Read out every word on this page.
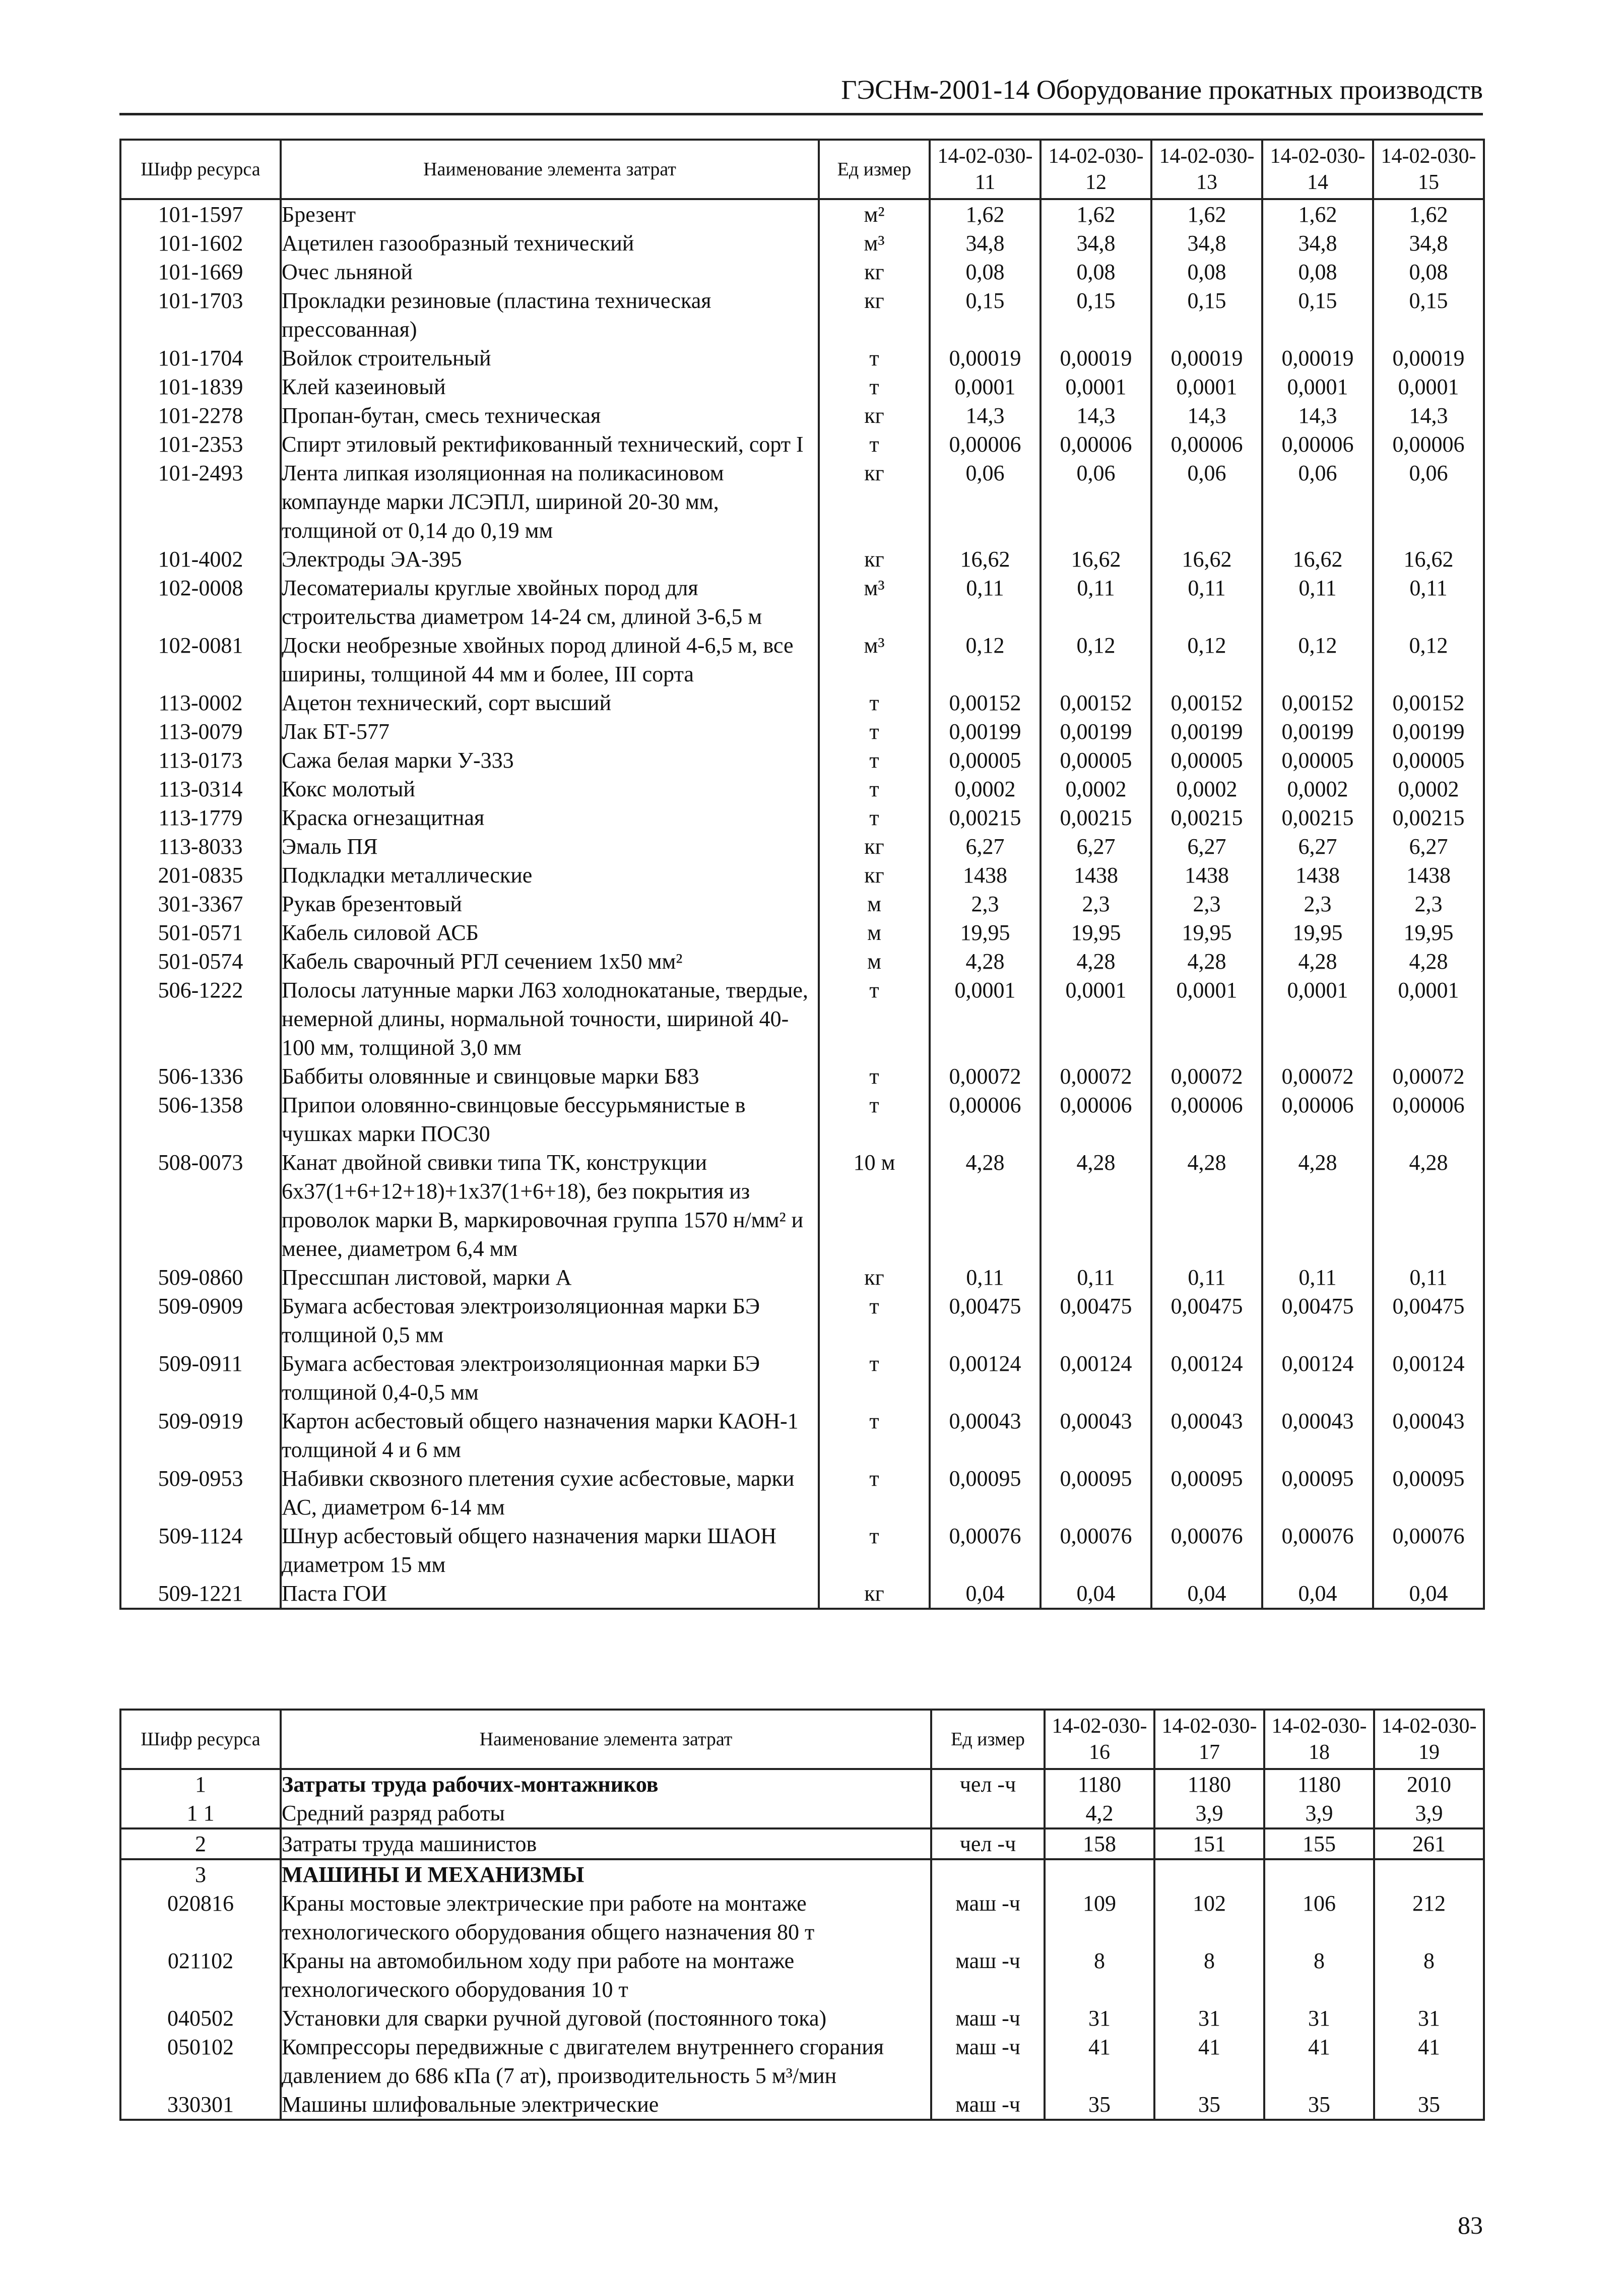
ГЭСНм-2001-14 Оборудование прокатных производств
Шифр ресурса	Наименование элемента затрат	Ед измер	14-02-030-11	14-02-030-12	14-02-030-13	14-02-030-14	14-02-030-15
101-1597	Брезент	м²	1,62	1,62	1,62	1,62	1,62
101-1602	Ацетилен газообразный технический	м³	34,8	34,8	34,8	34,8	34,8
101-1669	Очес льняной	кг	0,08	0,08	0,08	0,08	0,08
101-1703	Прокладки резиновые (пластина техническая прессованная)	кг	0,15	0,15	0,15	0,15	0,15
101-1704	Войлок строительный	т	0,00019	0,00019	0,00019	0,00019	0,00019
101-1839	Клей казеиновый	т	0,0001	0,0001	0,0001	0,0001	0,0001
101-2278	Пропан-бутан, смесь техническая	кг	14,3	14,3	14,3	14,3	14,3
101-2353	Спирт этиловый ректификованный технический, сорт I	т	0,00006	0,00006	0,00006	0,00006	0,00006
101-2493	Лента липкая изоляционная на поликасиновом компаунде марки ЛСЭПЛ, шириной 20-30 мм, толщиной от 0,14 до 0,19 мм	кг	0,06	0,06	0,06	0,06	0,06
101-4002	Электроды ЭА-395	кг	16,62	16,62	16,62	16,62	16,62
102-0008	Лесоматериалы круглые хвойных пород для строительства диаметром 14-24 см, длиной 3-6,5 м	м³	0,11	0,11	0,11	0,11	0,11
102-0081	Доски необрезные хвойных пород длиной 4-6,5 м, все ширины, толщиной 44 мм и более, III сорта	м³	0,12	0,12	0,12	0,12	0,12
113-0002	Ацетон технический, сорт высший	т	0,00152	0,00152	0,00152	0,00152	0,00152
113-0079	Лак БТ-577	т	0,00199	0,00199	0,00199	0,00199	0,00199
113-0173	Сажа белая марки У-333	т	0,00005	0,00005	0,00005	0,00005	0,00005
113-0314	Кокс молотый	т	0,0002	0,0002	0,0002	0,0002	0,0002
113-1779	Краска огнезащитная	т	0,00215	0,00215	0,00215	0,00215	0,00215
113-8033	Эмаль ПЯ	кг	6,27	6,27	6,27	6,27	6,27
201-0835	Подкладки металлические	кг	1438	1438	1438	1438	1438
301-3367	Рукав брезентовый	м	2,3	2,3	2,3	2,3	2,3
501-0571	Кабель силовой АСБ	м	19,95	19,95	19,95	19,95	19,95
501-0574	Кабель сварочный РГЛ сечением 1х50 мм²	м	4,28	4,28	4,28	4,28	4,28
506-1222	Полосы латунные марки Л63 холоднокатаные, твердые, немерной длины, нормальной точности, шириной 40-100 мм, толщиной 3,0 мм	т	0,0001	0,0001	0,0001	0,0001	0,0001
506-1336	Баббиты оловянные и свинцовые марки Б83	т	0,00072	0,00072	0,00072	0,00072	0,00072
506-1358	Припои оловянно-свинцовые бессурьмянистые в чушках марки ПОС30	т	0,00006	0,00006	0,00006	0,00006	0,00006
508-0073	Канат двойной свивки типа ТК, конструкции 6х37(1+6+12+18)+1х37(1+6+18), без покрытия из проволок марки В, маркировочная группа 1570 н/мм² и менее, диаметром 6,4 мм	10 м	4,28	4,28	4,28	4,28	4,28
509-0860	Прессшпан листовой, марки А	кг	0,11	0,11	0,11	0,11	0,11
509-0909	Бумага асбестовая электроизоляционная марки БЭ толщиной 0,5 мм	т	0,00475	0,00475	0,00475	0,00475	0,00475
509-0911	Бумага асбестовая электроизоляционная марки БЭ толщиной 0,4-0,5 мм	т	0,00124	0,00124	0,00124	0,00124	0,00124
509-0919	Картон асбестовый общего назначения марки КАОН-1 толщиной 4 и 6 мм	т	0,00043	0,00043	0,00043	0,00043	0,00043
509-0953	Набивки сквозного плетения сухие асбестовые, марки АС, диаметром 6-14 мм	т	0,00095	0,00095	0,00095	0,00095	0,00095
509-1124	Шнур асбестовый общего назначения марки ШАОН диаметром 15 мм	т	0,00076	0,00076	0,00076	0,00076	0,00076
509-1221	Паста ГОИ	кг	0,04	0,04	0,04	0,04	0,04
Шифр ресурса	Наименование элемента затрат	Ед измер	14-02-030-16	14-02-030-17	14-02-030-18	14-02-030-19
1	Затраты труда рабочих-монтажников	чел -ч	1180	1180	1180	2010
1 1	Средний разряд работы		4,2	3,9	3,9	3,9
2	Затраты труда машинистов	чел -ч	158	151	155	261
3	МАШИНЫ И МЕХАНИЗМЫ					
020816	Краны мостовые электрические при работе на монтаже технологического оборудования общего назначения 80 т	маш -ч	109	102	106	212
021102	Краны на автомобильном ходу при работе на монтаже технологического оборудования 10 т	маш -ч	8	8	8	8
040502	Установки для сварки ручной дуговой (постоянного тока)	маш -ч	31	31	31	31
050102	Компрессоры передвижные с двигателем внутреннего сгорания давлением до 686 кПа (7 ат), производительность 5 м³/мин	маш -ч	41	41	41	41
330301	Машины шлифовальные электрические	маш -ч	35	35	35	35
83
